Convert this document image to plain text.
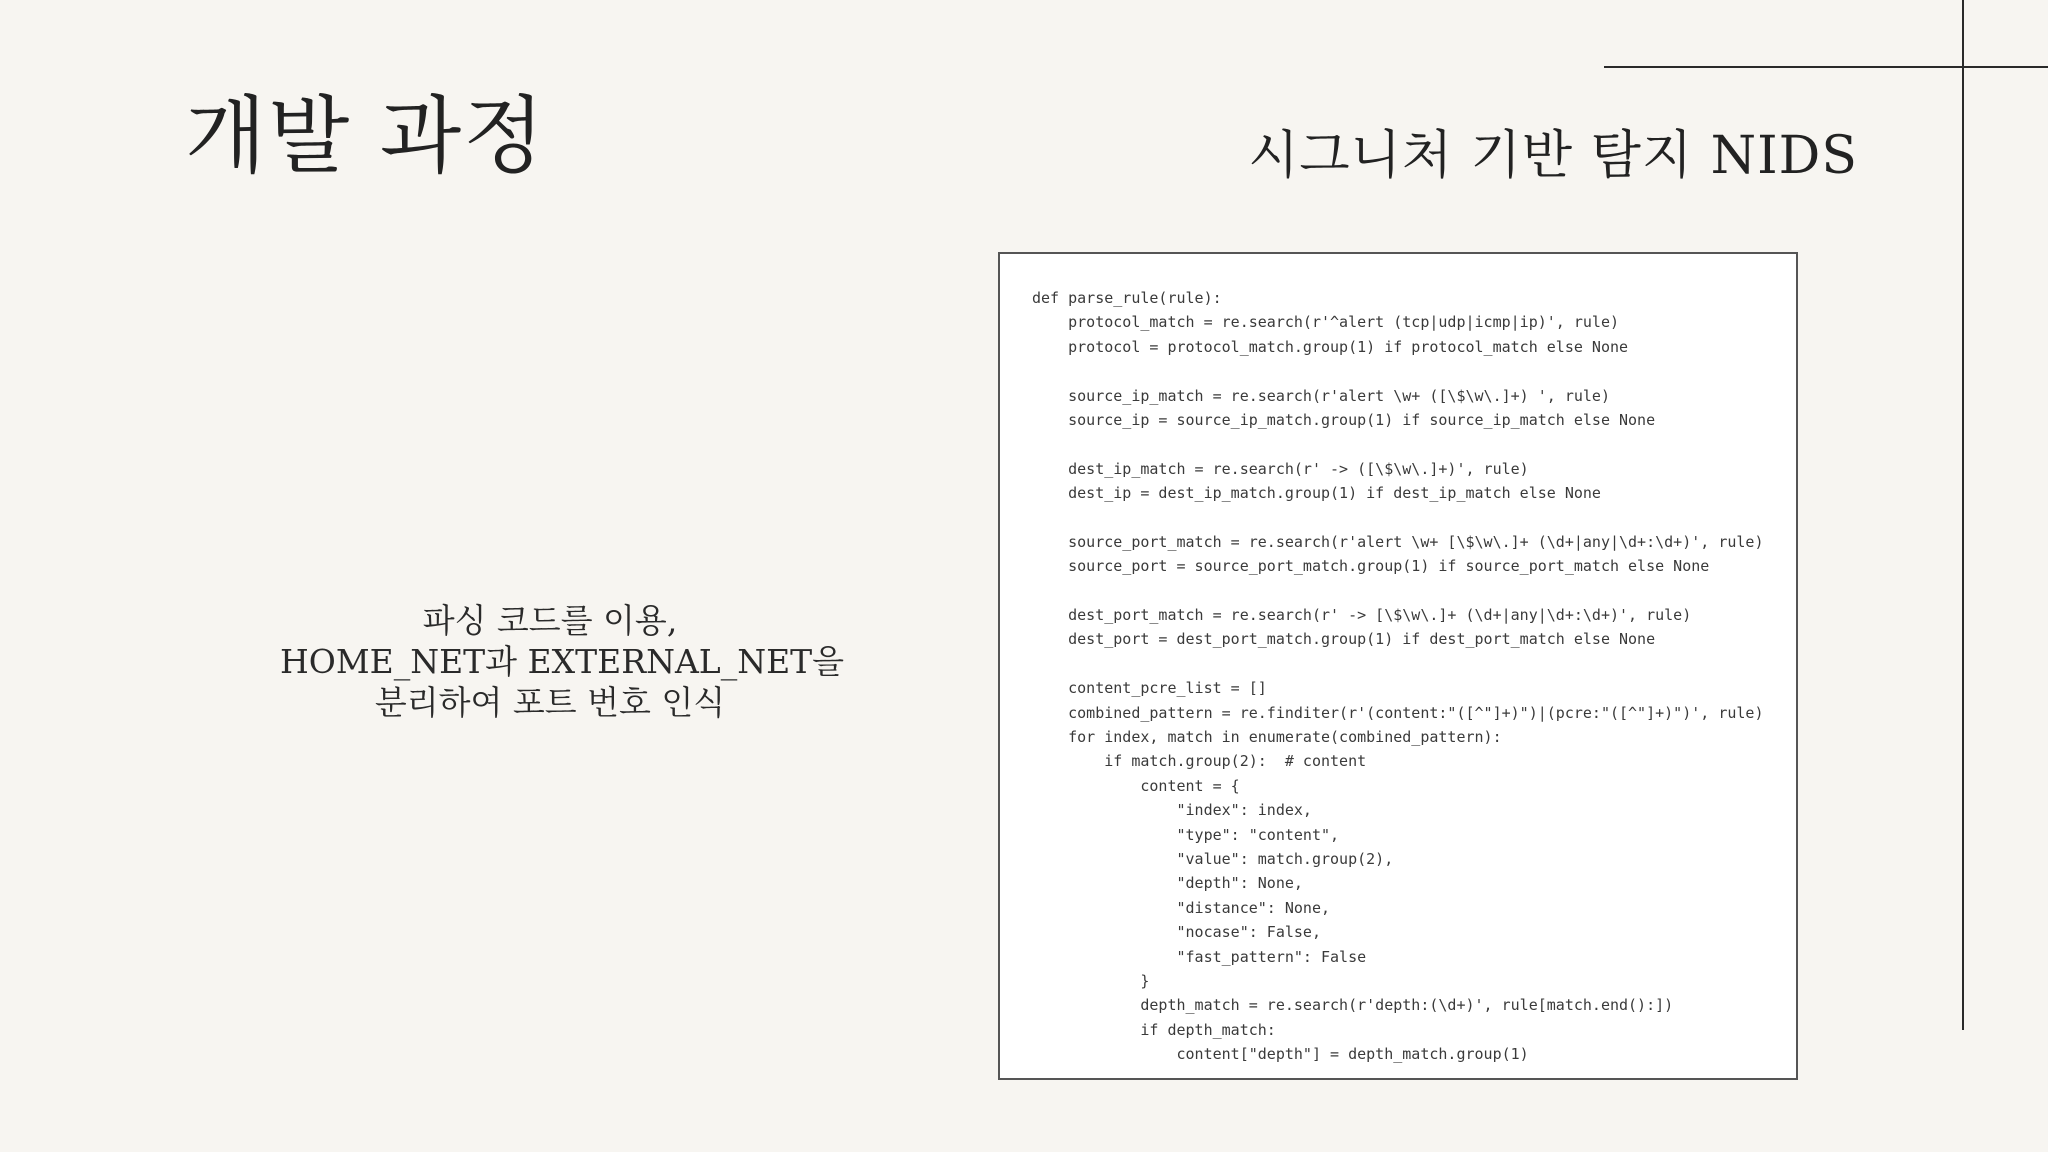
개발 과정	시그니처 기반 탐지 NIDS
파싱 코드를 이용,
HOME_NET과 EXTERNAL_NET을
분리하여 포트 번호 인식
def parse_rule(rule):
protocol_match = re.search(r'^alert (tcp|udp|icmp|ip)', rule)
protocol = protocol_match.group(1) if protocol_match else None
source_ip_match = re.search(r'alert \w+ ([\$\w\.]+) ', rule)
source_ip = source_ip_match.group(1) if source_ip_match else None
dest_ip_match = re.search(r' -> ([\$\w\.]+)', rule)
dest_ip = dest_ip_match.group(1) if dest_ip_match else None
source_port_match = re.search(r'alert \w+ [\$\w\.]+ (\d+|any|\d+:\d+)', rule)
source_port = source_port_match.group(1) if source_port_match else None
dest_port_match = re.search(r' -> [\$\w\.]+ (\d+|any|\d+:\d+)', rule)
dest_port = dest_port_match.group(1) if dest_port_match else None
content_pcre_list = []
combined_pattern = re.finditer(r'(content:"([^"]+)")|(pcre:"([^"]+)")', rule)
for index, match in enumerate(combined_pattern):
if match.group(2):  # content
content = {
"index": index,
"type": "content",
"value": match.group(2),
"depth": None,
"distance": None,
"nocase": False,
"fast_pattern": False
}
depth_match = re.search(r'depth:(\d+)', rule[match.end():])
if depth_match:
content["depth"] = depth_match.group(1)
